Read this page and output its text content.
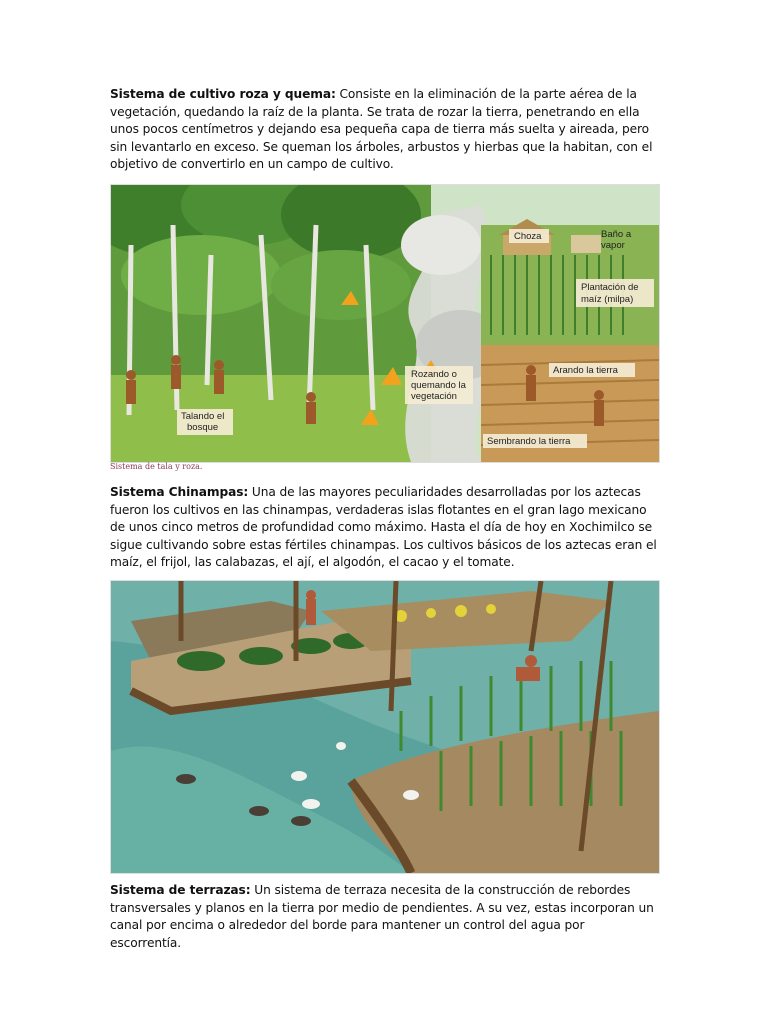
Sistema de cultivo roza y quema: Consiste en la eliminación de la parte aérea de la vegetación, quedando la raíz de la planta. Se trata de rozar la tierra, penetrando en ella unos pocos centímetros y dejando esa pequeña capa de tierra más suelta y aireada, pero sin levantarlo en exceso. Se queman los árboles, arbustos y hierbas que la habitan, con el objetivo de convertirlo en un campo de cultivo.

Choza	Baño a
vapor
Plantación de
maíz (milpa)
Rozando o
quemando la
vegetación
Arando la tierra
Talando el
bosque
Sembrando la tierra
Sistema de tala y roza.

Sistema Chinampas: Una de las mayores peculiaridades desarrolladas por los aztecas fueron los cultivos en las chinampas, verdaderas islas flotantes en el gran lago mexicano de unos cinco metros de profundidad como máximo. Hasta el día de hoy en Xochimilco se sigue cultivando sobre estas fértiles chinampas. Los cultivos básicos de los aztecas eran el maíz, el frijol, las calabazas, el ají, el algodón, el cacao y el tomate.

Sistema de terrazas: Un sistema de terraza necesita de la construcción de rebordes transversales y planos en la tierra por medio de pendientes. A su vez, estas incorporan un canal por encima o alrededor del borde para mantener un control del agua por escorrentía.
